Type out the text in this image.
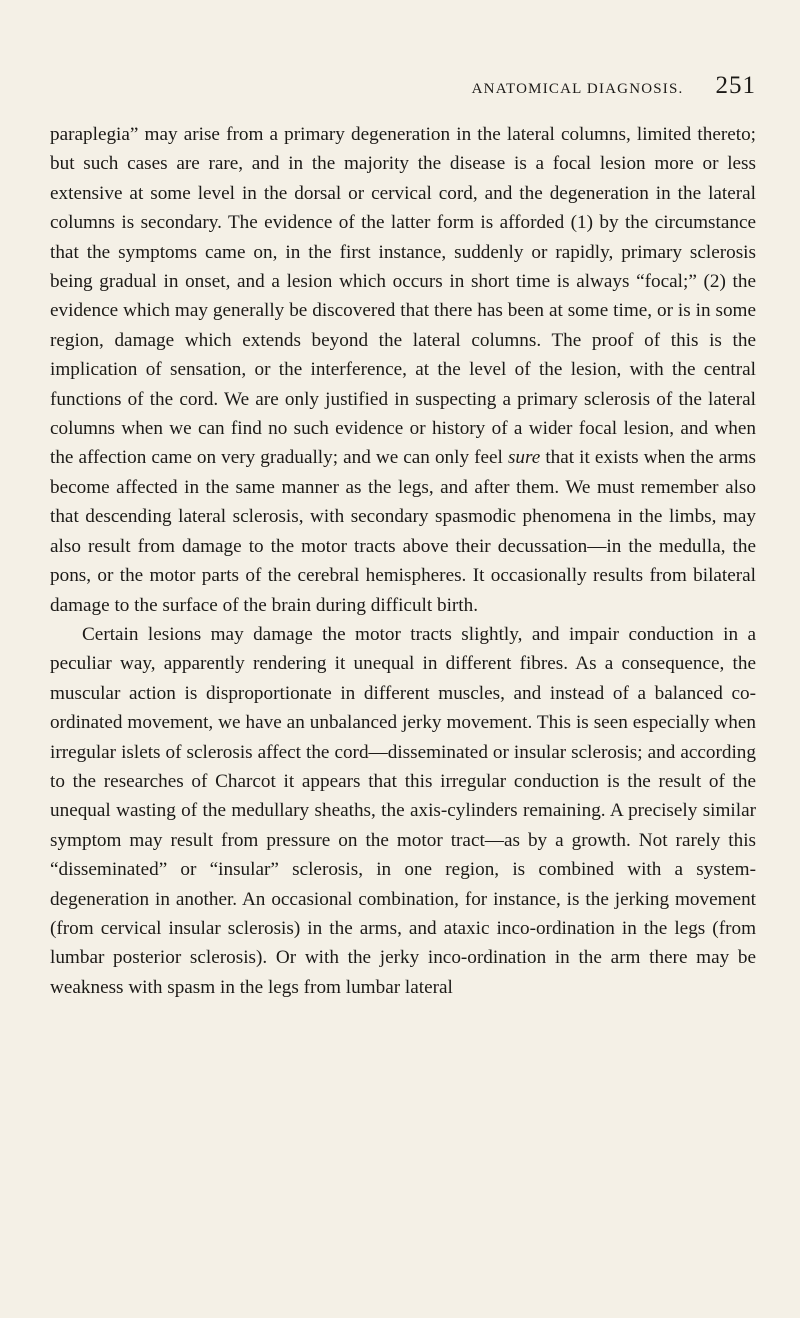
ANATOMICAL DIAGNOSIS. 251

paraplegia” may arise from a primary degeneration in the lateral columns, limited thereto; but such cases are rare, and in the majority the disease is a focal lesion more or less extensive at some level in the dorsal or cervical cord, and the degeneration in the lateral columns is secondary. The evidence of the latter form is afforded (1) by the circumstance that the symptoms came on, in the first instance, suddenly or rapidly, primary sclerosis being gradual in onset, and a lesion which occurs in short time is always “focal;” (2) the evidence which may generally be discovered that there has been at some time, or is in some region, damage which extends beyond the lateral columns. The proof of this is the implication of sensation, or the interference, at the level of the lesion, with the central functions of the cord. We are only justified in suspecting a primary sclerosis of the lateral columns when we can find no such evidence or history of a wider focal lesion, and when the affection came on very gradually; and we can only feel sure that it exists when the arms become affected in the same manner as the legs, and after them. We must remember also that descending lateral sclerosis, with secondary spasmodic phenomena in the limbs, may also result from damage to the motor tracts above their decussation—in the medulla, the pons, or the motor parts of the cerebral hemispheres. It occasionally results from bilateral damage to the surface of the brain during difficult birth.

Certain lesions may damage the motor tracts slightly, and impair conduction in a peculiar way, apparently rendering it unequal in different fibres. As a consequence, the muscular action is disproportionate in different muscles, and instead of a balanced co-ordinated movement, we have an unbalanced jerky movement. This is seen especially when irregular islets of sclerosis affect the cord—disseminated or insular sclerosis; and according to the researches of Charcot it appears that this irregular conduction is the result of the unequal wasting of the medullary sheaths, the axis-cylinders remaining. A precisely similar symptom may result from pressure on the motor tract—as by a growth. Not rarely this “disseminated” or “insular” sclerosis, in one region, is combined with a system-degeneration in another. An occasional combination, for instance, is the jerking movement (from cervical insular sclerosis) in the arms, and ataxic inco-ordination in the legs (from lumbar posterior sclerosis). Or with the jerky inco-ordination in the arm there may be weakness with spasm in the legs from lumbar lateral
